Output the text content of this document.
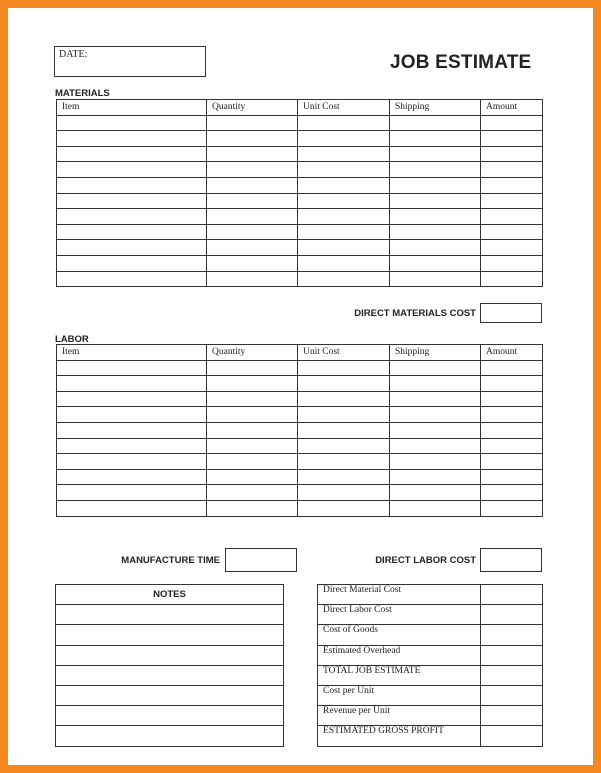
DATE:	JOB ESTIMATE
MATERIALS
Item	Quantity	Unit Cost	Shipping	Amount

DIRECT MATERIALS COST
LABOR
Item	Quantity	Unit Cost	Shipping	Amount

MANUFACTURE TIME	DIRECT LABOR COST
NOTES	Direct Material Cost	
Direct Labor Cost	
Cost of Goods	
Estimated Overhead	
TOTAL JOB ESTIMATE	
Cost per Unit	
Revenue per Unit	
ESTIMATED GROSS PROFIT	
